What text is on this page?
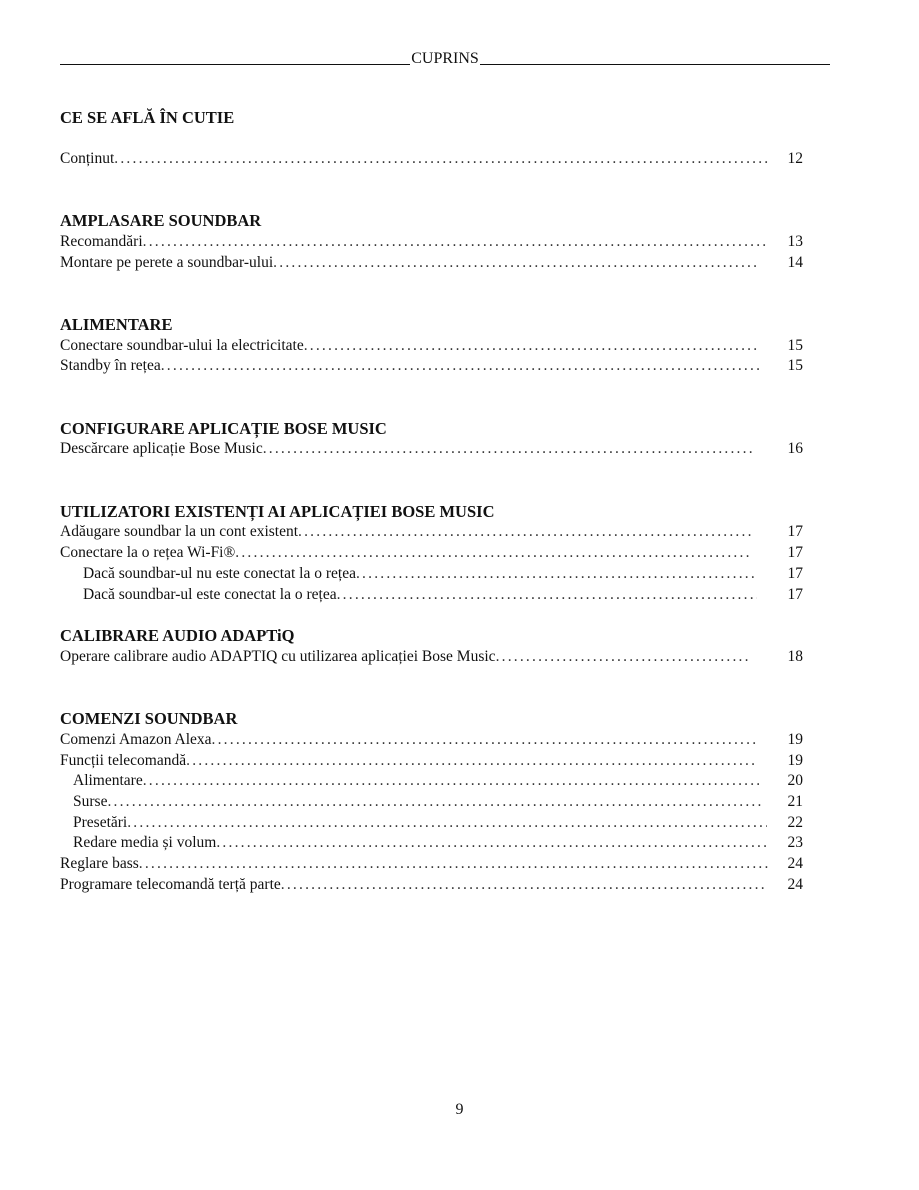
CUPRINS
CE SE AFLĂ ÎN CUTIE
Conținut .....	12
AMPLASARE SOUNDBAR
Recomandări .....	13
Montare pe perete a soundbar-ului .....	14
ALIMENTARE
Conectare soundbar-ului la electricitate .....	15
Standby în rețea .....	15
CONFIGURARE APLICAȚIE BOSE MUSIC
Descărcare aplicație Bose Music .....	16
UTILIZATORI EXISTENȚI AI APLICAȚIEI BOSE MUSIC
Adăugare soundbar la un cont existent .....	17
Conectare la o rețea Wi-Fi® .....	17
Dacă soundbar-ul nu este conectat la o rețea .....	17
Dacă soundbar-ul este conectat la o rețea .....	17
CALIBRARE AUDIO ADAPTiQ
Operare calibrare audio ADAPTIQ cu utilizarea aplicației Bose Music .....	18
COMENZI SOUNDBAR
Comenzi Amazon Alexa .....	19
Funcții telecomandă .....	19
Alimentare .....	20
Surse .....	21
Presetări .....	22
Redare media și volum .....	23
Reglare bass .....	24
Programare telecomandă terță parte .....	24
9
